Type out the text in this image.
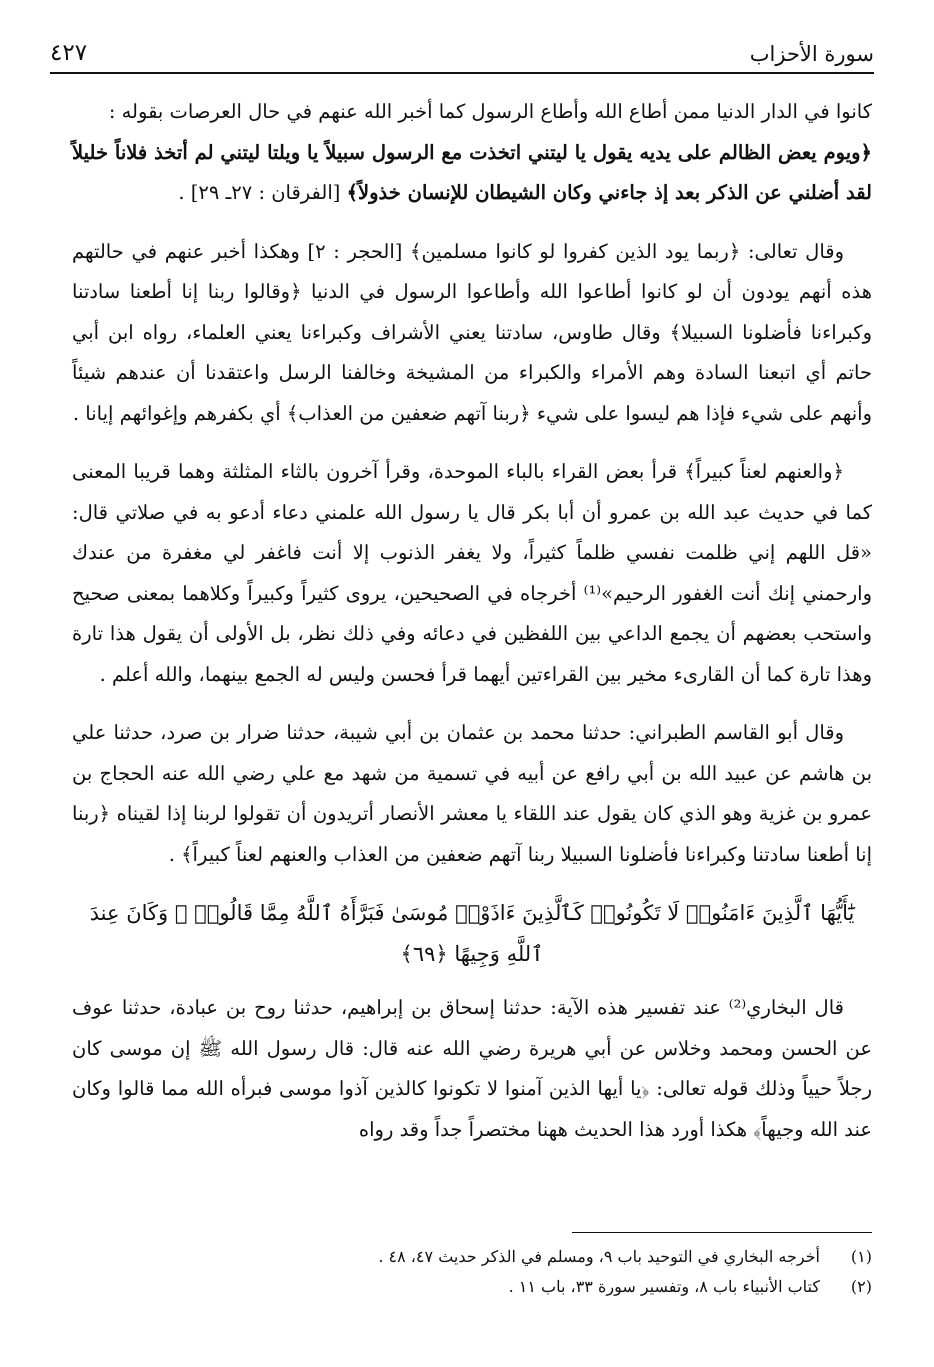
سورة الأحزاب
٤٢٧

كانوا في الدار الدنيا ممن أطاع الله وأطاع الرسول كما أخبر الله عنهم في حال العرصات بقوله :
﴿ويوم يعض الظالم على يديه يقول يا ليتني اتخذت مع الرسول سبيلاً يا ويلتا ليتني لم أتخذ فلاناً خليلاً لقد أضلني عن الذكر بعد إذ جاءني وكان الشيطان للإنسان خذولاً﴾ [الفرقان : ٢٧ـ ٢٩] .

وقال تعالى: ﴿ربما يود الذين كفروا لو كانوا مسلمين﴾ [الحجر : ٢] وهكذا أخبر عنهم في حالتهم هذه أنهم يودون أن لو كانوا أطاعوا الله وأطاعوا الرسول في الدنيا ﴿وقالوا ربنا إنا أطعنا سادتنا وكبراءنا فأضلونا السبيلا﴾ وقال طاوس، سادتنا يعني الأشراف وكبراءنا يعني العلماء، رواه ابن أبي حاتم أي اتبعنا السادة وهم الأمراء والكبراء من المشيخة وخالفنا الرسل واعتقدنا أن عندهم شيئاً وأنهم على شيء فإذا هم ليسوا على شيء ﴿ربنا آتهم ضعفين من العذاب﴾ أي بكفرهم وإغوائهم إيانا .

﴿والعنهم لعناً كبيراً﴾ قرأ بعض القراء بالباء الموحدة، وقرأ آخرون بالثاء المثلثة وهما قريبا المعنى كما في حديث عبد الله بن عمرو أن أبا بكر قال يا رسول الله علمني دعاء أدعو به في صلاتي قال: «قل اللهم إني ظلمت نفسي ظلماً كثيراً، ولا يغفر الذنوب إلا أنت فاغفر لي مغفرة من عندك وارحمني إنك أنت الغفور الرحيم»⁽¹⁾ أخرجاه في الصحيحين، يروى كثيراً وكبيراً وكلاهما بمعنى صحيح واستحب بعضهم أن يجمع الداعي بين اللفظين في دعائه وفي ذلك نظر، بل الأولى أن يقول هذا تارة وهذا تارة كما أن القارىء مخير بين القراءتين أيهما قرأ فحسن وليس له الجمع بينهما، والله أعلم .

وقال أبو القاسم الطبراني: حدثنا محمد بن عثمان بن أبي شيبة، حدثنا ضرار بن صرد، حدثنا علي بن هاشم عن عبيد الله بن أبي رافع عن أبيه في تسمية من شهد مع علي رضي الله عنه الحجاج بن عمرو بن غزية وهو الذي كان يقول عند اللقاء يا معشر الأنصار أتريدون أن تقولوا لربنا إذا لقيناه ﴿ربنا إنا أطعنا سادتنا وكبراءنا فأضلونا السبيلا ربنا آتهم ضعفين من العذاب والعنهم لعناً كبيراً﴾ .

يَٰٓأَيُّهَا ٱلَّذِينَ ءَامَنُوا۟ لَا تَكُونُوا۟ كَٱلَّذِينَ ءَاذَوْا۟ مُوسَىٰ فَبَرَّأَهُ ٱللَّهُ مِمَّا قَالُوا۟ ۚ وَكَانَ عِندَ ٱللَّهِ وَجِيهًا ﴿٦٩﴾

قال البخاري⁽²⁾ عند تفسير هذه الآية: حدثنا إسحاق بن إبراهيم، حدثنا روح بن عبادة، حدثنا عوف عن الحسن ومحمد وخلاس عن أبي هريرة رضي الله عنه قال: قال رسول الله ﷺ إن موسى كان رجلاً حيياً وذلك قوله تعالى: ﴿يا أيها الذين آمنوا لا تكونوا كالذين آذوا موسى فبرأه الله مما قالوا وكان عند الله وجيهاً﴾ هكذا أورد هذا الحديث ههنا مختصراً جداً وقد رواه

(١)
أخرجه البخاري في التوحيد باب ٩، ومسلم في الذكر حديث ٤٧، ٤٨ .
(٢)
كتاب الأنبياء باب ٨، وتفسير سورة ٣٣، باب ١١ .
